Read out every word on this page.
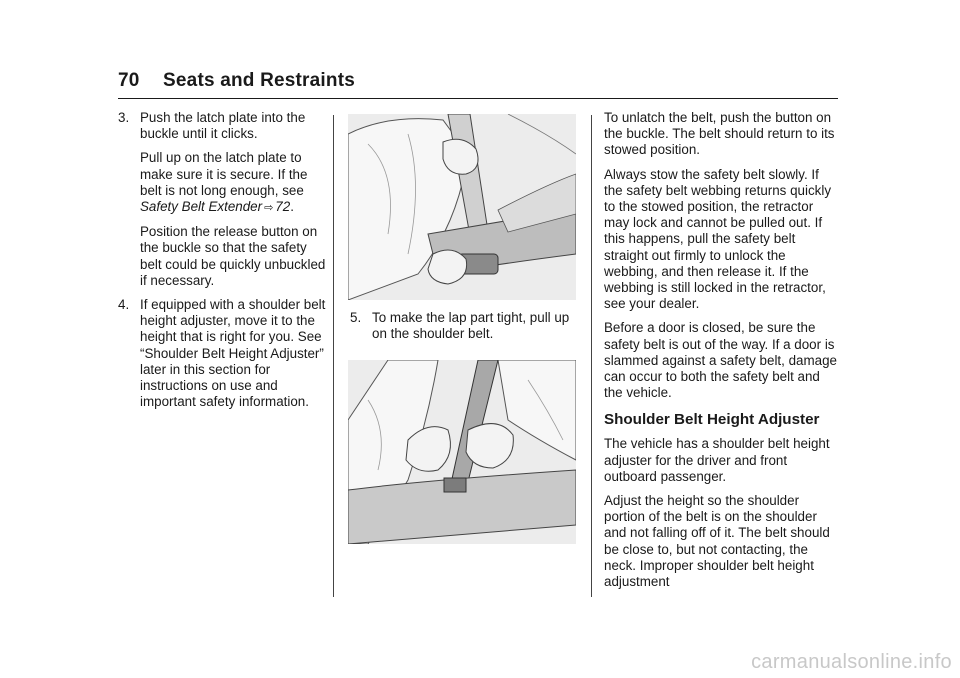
70 Seats and Restraints
3. Push the latch plate into the buckle until it clicks.

Pull up on the latch plate to make sure it is secure. If the belt is not long enough, see Safety Belt Extender ⇨ 72.

Position the release button on the buckle so that the safety belt could be quickly unbuckled if necessary.

4. If equipped with a shoulder belt height adjuster, move it to the height that is right for you. See “Shoulder Belt Height Adjuster” later in this section for instructions on use and important safety information.
5. To make the lap part tight, pull up on the shoulder belt.

To unlatch the belt, push the button on the buckle. The belt should return to its stowed position.

Always stow the safety belt slowly. If the safety belt webbing returns quickly to the stowed position, the retractor may lock and cannot be pulled out. If this happens, pull the safety belt straight out firmly to unlock the webbing, and then release it. If the webbing is still locked in the retractor, see your dealer.

Before a door is closed, be sure the safety belt is out of the way. If a door is slammed against a safety belt, damage can occur to both the safety belt and the vehicle.

Shoulder Belt Height Adjuster

The vehicle has a shoulder belt height adjuster for the driver and front outboard passenger.

Adjust the height so the shoulder portion of the belt is on the shoulder and not falling off of it. The belt should be close to, but not contacting, the neck. Improper shoulder belt height adjustment

carmanualsonline.info
